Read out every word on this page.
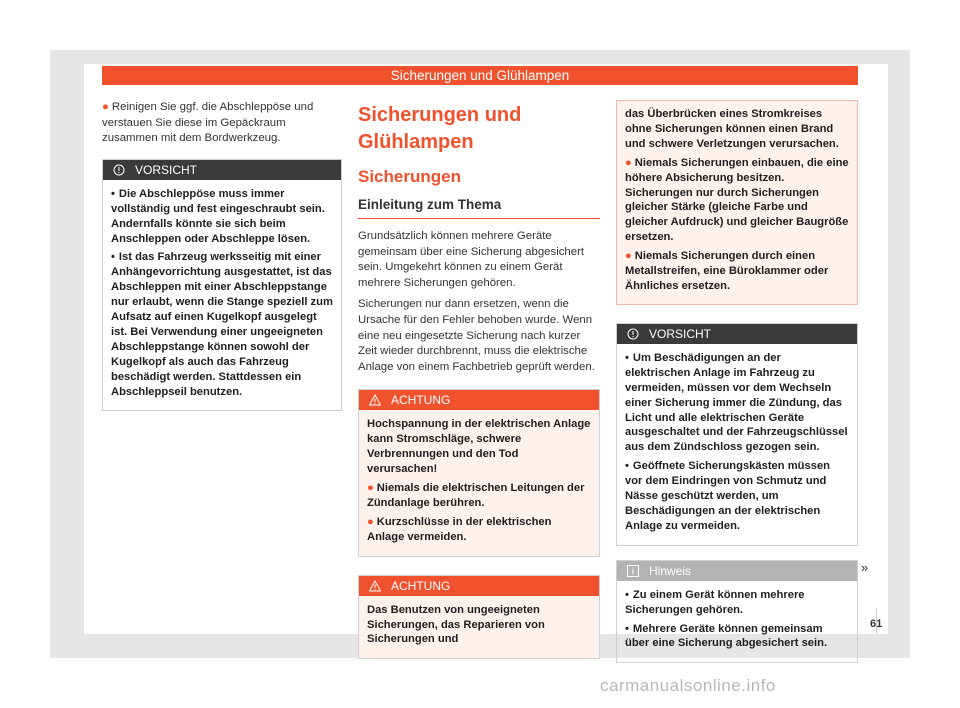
Sicherungen und Glühlampen

● Reinigen Sie ggf. die Abschleppöse und verstauen Sie diese im Gepäckraum zusammen mit dem Bordwerkzeug.

VORSICHT

• Die Abschleppöse muss immer vollständig und fest eingeschraubt sein. Andernfalls könnte sie sich beim Anschleppen oder Abschleppe lösen.

• Ist das Fahrzeug werksseitig mit einer Anhängevorrichtung ausgestattet, ist das Abschleppen mit einer Abschleppstange nur erlaubt, wenn die Stange speziell zum Aufsatz auf einen Kugelkopf ausgelegt ist. Bei Verwendung einer ungeeigneten Abschleppstange können sowohl der Kugelkopf als auch das Fahrzeug beschädigt werden. Stattdessen ein Abschleppseil benutzen.

Sicherungen und Glühlampen
Sicherungen
Einleitung zum Thema

Grundsätzlich können mehrere Geräte gemeinsam über eine Sicherung abgesichert sein. Umgekehrt können zu einem Gerät mehrere Sicherungen gehören.

Sicherungen nur dann ersetzen, wenn die Ursache für den Fehler behoben wurde. Wenn eine neu eingesetzte Sicherung nach kurzer Zeit wieder durchbrennt, muss die elektrische Anlage von einem Fachbetrieb geprüft werden.

ACHTUNG

Hochspannung in der elektrischen Anlage kann Stromschläge, schwere Verbrennungen und den Tod verursachen!

● Niemals die elektrischen Leitungen der Zündanlage berühren.

● Kurzschlüsse in der elektrischen Anlage vermeiden.

ACHTUNG

Das Benutzen von ungeeigneten Sicherungen, das Reparieren von Sicherungen und

das Überbrücken eines Stromkreises ohne Sicherungen können einen Brand und schwere Verletzungen verursachen.

● Niemals Sicherungen einbauen, die eine höhere Absicherung besitzen. Sicherungen nur durch Sicherungen gleicher Stärke (gleiche Farbe und gleicher Aufdruck) und gleicher Baugröße ersetzen.

● Niemals Sicherungen durch einen Metallstreifen, eine Büroklammer oder Ähnliches ersetzen.

VORSICHT

• Um Beschädigungen an der elektrischen Anlage im Fahrzeug zu vermeiden, müssen vor dem Wechseln einer Sicherung immer die Zündung, das Licht und alle elektrischen Geräte ausgeschaltet und der Fahrzeugschlüssel aus dem Zündschloss gezogen sein.

• Geöffnete Sicherungskästen müssen vor dem Eindringen von Schmutz und Nässe geschützt werden, um Beschädigungen an der elektrischen Anlage zu vermeiden.

Hinweis

• Zu einem Gerät können mehrere Sicherungen gehören.

• Mehrere Geräte können gemeinsam über eine Sicherung abgesichert sein.

»
61
carmanualsonline.info
